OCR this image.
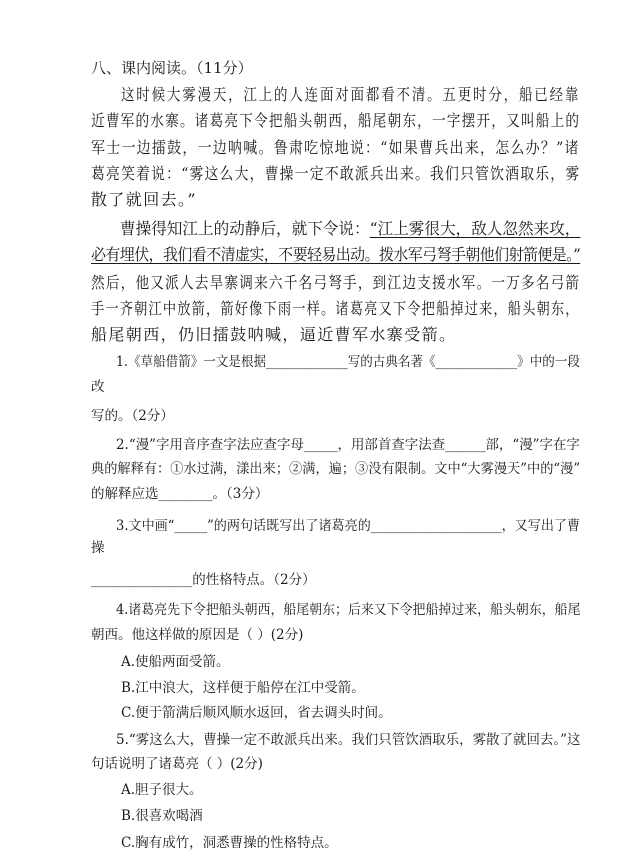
八、课内阅读。（11分）
这时候大雾漫天，江上的人连面对面都看不清。五更时分，船已经靠
近曹军的水寨。诸葛亮下令把船头朝西，船尾朝东，一字摆开，又叫船上的
军士一边擂鼓，一边呐喊。鲁肃吃惊地说：“如果曹兵出来，怎么办？”诸
葛亮笑着说：“雾这么大，曹操一定不敢派兵出来。我们只管饮酒取乐，雾
散了就回去。”
曹操得知江上的动静后，就下令说：“江上雾很大，敌人忽然来攻，
必有埋伏，我们看不清虚实，不要轻易出动。拨水军弓弩手朝他们射箭便是。”
然后，他又派人去旱寨调来六千名弓弩手，到江边支援水军。一万多名弓箭
手一齐朝江中放箭，箭好像下雨一样。诸葛亮又下令把船掉过来，船头朝东，
船尾朝西，仍旧擂鼓呐喊，逼近曹军水寨受箭。
1.《草船借箭》一文是根据_____________写的古典名著《_____________》中的一段
改
写的。（2分）
2.“漫”字用音序查字法应查字母_____，用部首查字法查______部，“漫”字在字
典的解释有：①水过满，漾出来；②满，遍；③没有限制。文中“大雾漫天”中的“漫”
的解释应选________。（3分）
3.文中画“_____”的两句话既写出了诸葛亮的____________________，又写出了曹
操
_______________的性格特点。（2分）
4.诸葛亮先下令把船头朝西，船尾朝东；后来又下令把船掉过来，船头朝东，船尾
朝西。他这样做的原因是（ ）(2分)
A.使船两面受箭。
B.江中浪大，这样便于船停在江中受箭。
C.便于箭满后顺风顺水返回，省去调头时间。
5.“雾这么大，曹操一定不敢派兵出来。我们只管饮酒取乐，雾散了就回去。”这
句话说明了诸葛亮（ ）(2分)
A.胆子很大。
B.很喜欢喝酒
C.胸有成竹，洞悉曹操的性格特点。
